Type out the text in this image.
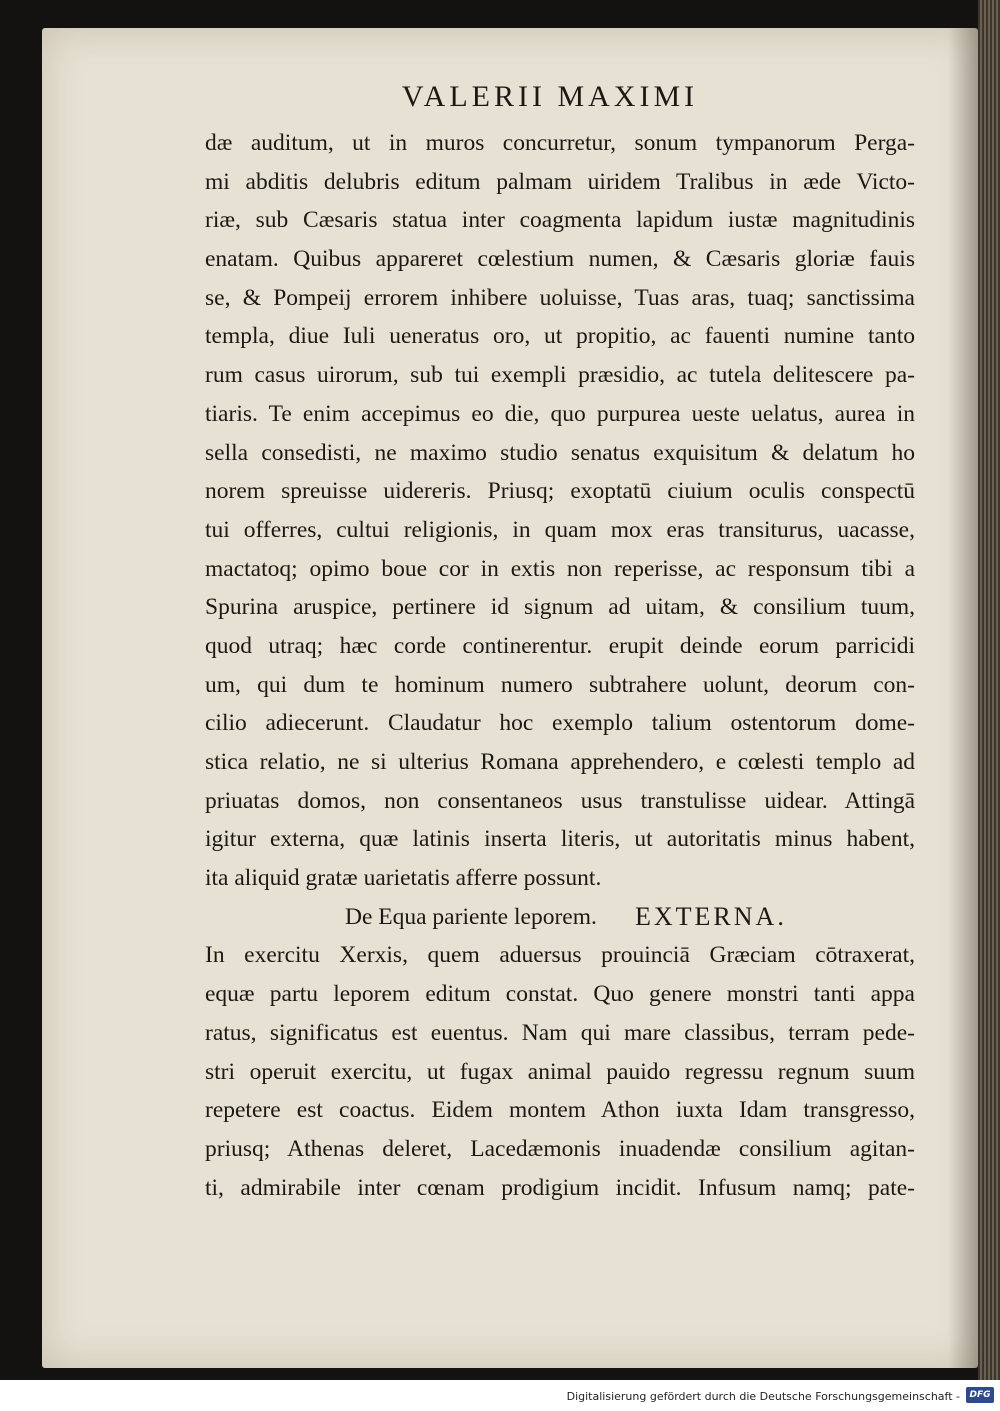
VALERII MAXIMI
dæ auditum, ut in muros concurretur, sonum tympanorum Perga-
mi abditis delubris editum palmam uiridem Tralibus in æde Victo-
riæ, sub Cæsaris statua inter coagmenta lapidum iustæ magnitudinis
enatam. Quibus appareret cœlestium numen, & Cæsaris gloriæ fauis
se, & Pompeij errorem inhibere uoluisse, Tuas aras, tuaq; sanctissima
templa, diue Iuli ueneratus oro, ut propitio, ac fauenti numine tanto
rum casus uirorum, sub tui exempli præsidio, ac tutela delitescere pa-
tiaris. Te enim accepimus eo die, quo purpurea ueste uelatus, aurea in
sella consedisti, ne maximo studio senatus exquisitum & delatum ho
norem spreuisse uidereris. Priusq; exoptatū ciuium oculis conspectū
tui offerres, cultui religionis, in quam mox eras transiturus, uacasse,
mactatoq; opimo boue cor in extis non reperisse, ac responsum tibi a
Spurina aruspice, pertinere id signum ad uitam, & consilium tuum,
quod utraq; hæc corde continerentur. erupit deinde eorum parricidi
um, qui dum te hominum numero subtrahere uolunt, deorum con-
cilio adiecerunt. Claudatur hoc exemplo talium ostentorum dome-
stica relatio, ne si ulterius Romana apprehendero, e cœlesti templo ad
priuatas domos, non consentaneos usus transtulisse uidear. Attingā
igitur externa, quæ latinis inserta literis, ut autoritatis minus habent,
ita aliquid gratæ uarietatis afferre possunt.
De Equa pariente leporem. EXTERNA.
In exercitu Xerxis, quem aduersus prouinciā Græciam cōtraxerat,
equæ partu leporem editum constat. Quo genere monstri tanti appa
ratus, significatus est euentus. Nam qui mare classibus, terram pede-
stri operuit exercitu, ut fugax animal pauido regressu regnum suum
repetere est coactus. Eidem montem Athon iuxta Idam transgresso,
priusq; Athenas deleret, Lacedæmonis inuadendæ consilium agitan-
ti, admirabile inter cœnam prodigium incidit. Infusum namq; pate-
Digitalisierung gefördert durch die Deutsche Forschungsgemeinschaft -	DFG
